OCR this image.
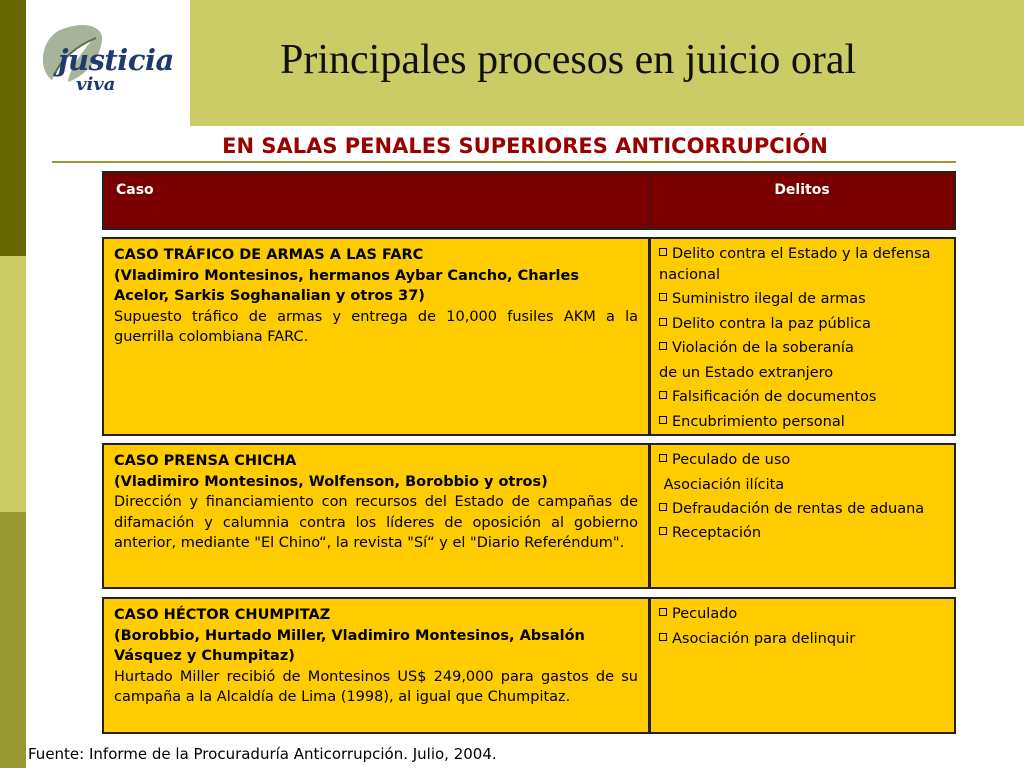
justicia
viva
Principales procesos en juicio oral
EN SALAS PENALES SUPERIORES ANTICORRUPCIÓN
Caso	Delitos
CASO TRÁFICO DE ARMAS A LAS FARC
(Vladimiro Montesinos, hermanos Aybar Cancho, Charles Acelor, Sarkis Soghanalian y otros 37)
Supuesto tráfico de armas y entrega de 10,000 fusiles AKM a la guerrilla colombiana FARC.
Delito contra el Estado y la defensa nacional
Suministro ilegal de armas
Delito contra la paz pública
Violación de la soberanía
de un Estado extranjero
Falsificación de documentos
Encubrimiento personal
CASO PRENSA CHICHA
(Vladimiro Montesinos, Wolfenson, Borobbio y otros)
Dirección y financiamiento con recursos del Estado de campañas de difamación y calumnia contra los líderes de oposición al gobierno anterior, mediante "El Chino“, la revista "Sí“ y el "Diario Referéndum".
Peculado de uso
Asociación ilícita
Defraudación de rentas de aduana
Receptación
CASO HÉCTOR CHUMPITAZ
(Borobbio, Hurtado Miller, Vladimiro Montesinos, Absalón Vásquez y Chumpitaz)
Hurtado Miller recibió de Montesinos US$ 249,000 para gastos de su campaña a la Alcaldía de Lima (1998), al igual que Chumpitaz.
Peculado
Asociación para delinquir
Fuente: Informe de la Procuraduría Anticorrupción. Julio, 2004.
